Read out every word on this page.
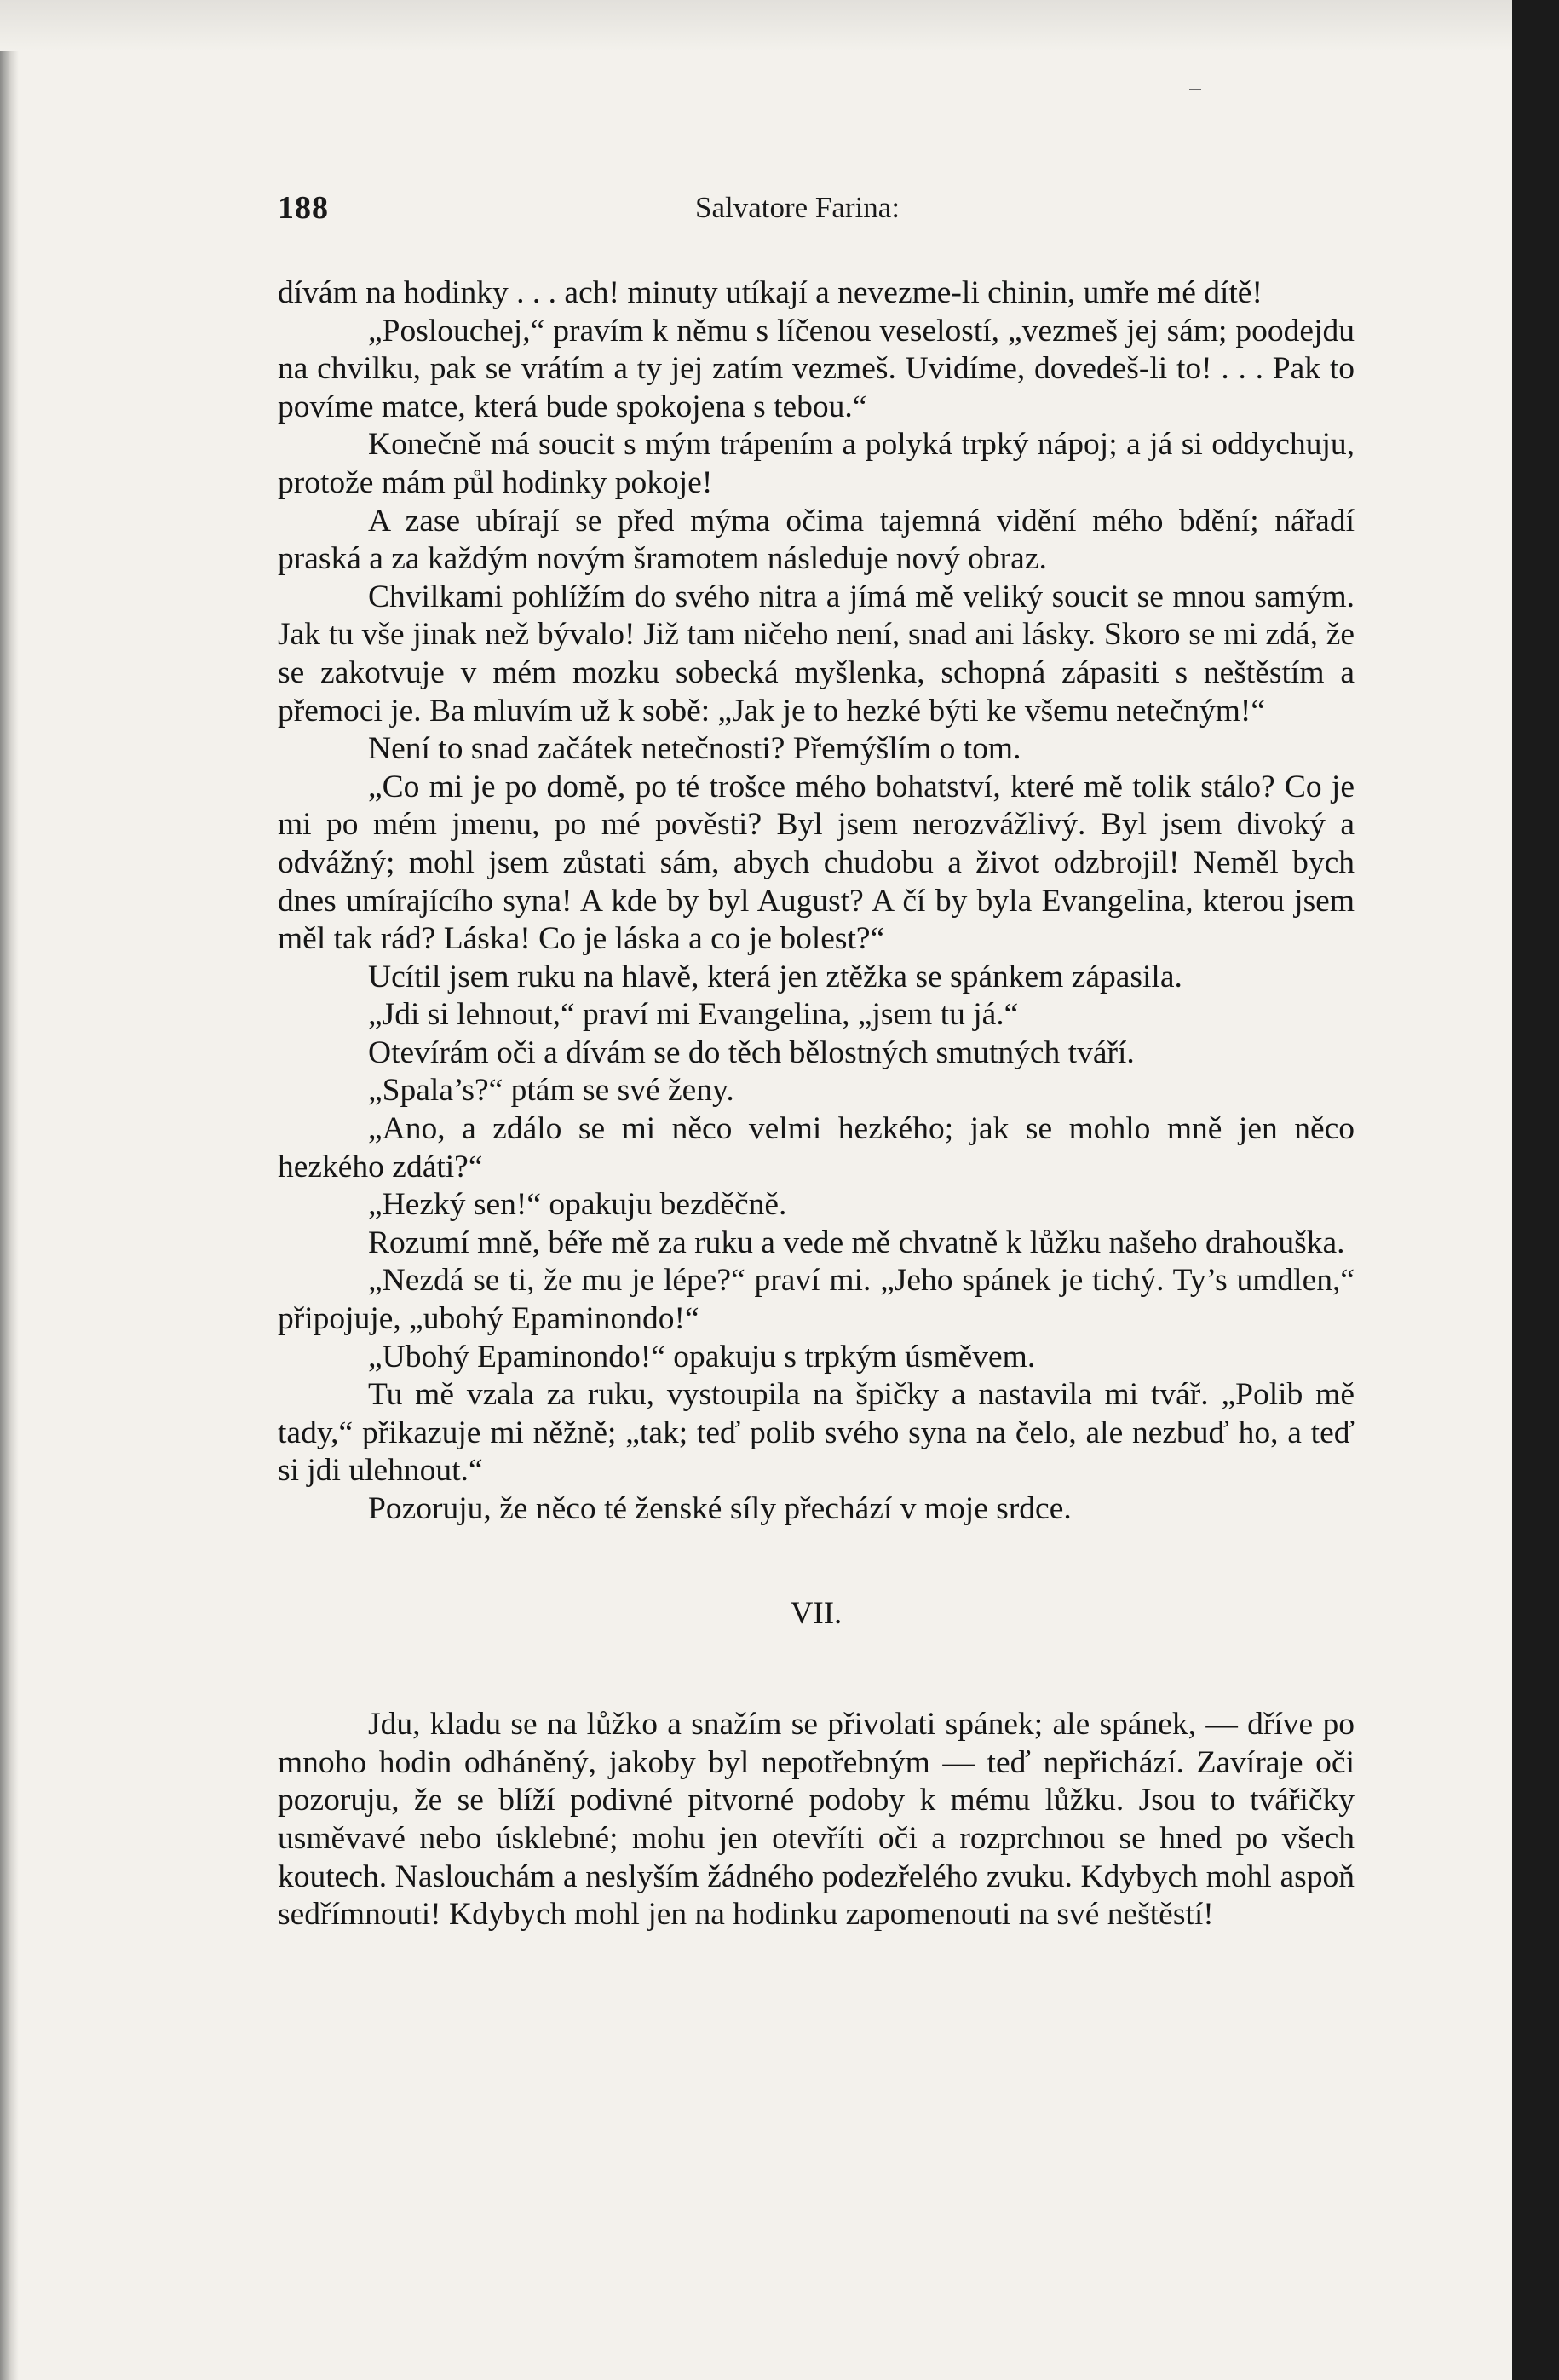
188	Salvatore Farina:

dívám na hodinky . . . ach! minuty utíkají a nevezme-li chinin, umře mé dítě!

„Poslouchej,“ pravím k němu s líčenou veselostí, „vezmeš jej sám; poodejdu na chvilku, pak se vrátím a ty jej zatím vezmeš. Uvidíme, dovedeš-li to! . . . Pak to povíme matce, která bude spokojena s tebou.“

Konečně má soucit s mým trápením a polyká trpký nápoj; a já si oddychuju, protože mám půl hodinky pokoje!

A zase ubírají se před mýma očima tajemná vidění mého bdění; nářadí praská a za každým novým šramotem následuje nový obraz.

Chvilkami pohlížím do svého nitra a jímá mě veliký soucit se mnou samým. Jak tu vše jinak než bývalo! Již tam ničeho není, snad ani lásky. Skoro se mi zdá, že se zakotvuje v mém mozku sobecká myšlenka, schopná zápasiti s neštěstím a přemoci je. Ba mluvím už k sobě: „Jak je to hezké býti ke všemu netečným!“

Není to snad začátek netečnosti? Přemýšlím o tom.

„Co mi je po domě, po té trošce mého bohatství, které mě tolik stálo? Co je mi po mém jmenu, po mé pověsti? Byl jsem nerozvážlivý. Byl jsem divoký a odvážný; mohl jsem zůstati sám, abych chudobu a život odzbrojil! Neměl bych dnes umírajícího syna! A kde by byl August? A čí by byla Evangelina, kterou jsem měl tak rád? Láska! Co je láska a co je bolest?“

Ucítil jsem ruku na hlavě, která jen ztěžka se spánkem zápasila.

„Jdi si lehnout,“ praví mi Evangelina, „jsem tu já.“

Otevírám oči a dívám se do těch bělostných smutných tváří.

„Spala’s?“ ptám se své ženy.

„Ano, a zdálo se mi něco velmi hezkého; jak se mohlo mně jen něco hezkého zdáti?“

„Hezký sen!“ opakuju bezděčně.

Rozumí mně, béře mě za ruku a vede mě chvatně k lůžku našeho drahouška.

„Nezdá se ti, že mu je lépe?“ praví mi. „Jeho spánek je tichý. Ty’s umdlen,“ připojuje, „ubohý Epaminondo!“

„Ubohý Epaminondo!“ opakuju s trpkým úsměvem.

Tu mě vzala za ruku, vystoupila na špičky a nastavila mi tvář. „Polib mě tady,“ přikazuje mi něžně; „tak; teď polib svého syna na čelo, ale nezbuď ho, a teď si jdi ulehnout.“

Pozoruju, že něco té ženské síly přechází v moje srdce.

VII.

Jdu, kladu se na lůžko a snažím se přivolati spánek; ale spánek, — dříve po mnoho hodin odháněný, jakoby byl nepotřebným — teď nepřichází. Zavíraje oči pozoruju, že se blíží podivné pitvorné podoby k mému lůžku. Jsou to tvářičky usměvavé nebo úsklebné; mohu jen otevříti oči a rozprchnou se hned po všech koutech. Naslouchám a neslyším žádného podezřelého zvuku. Kdybych mohl aspoň sedřímnouti! Kdybych mohl jen na hodinku zapomenouti na své neštěstí!
